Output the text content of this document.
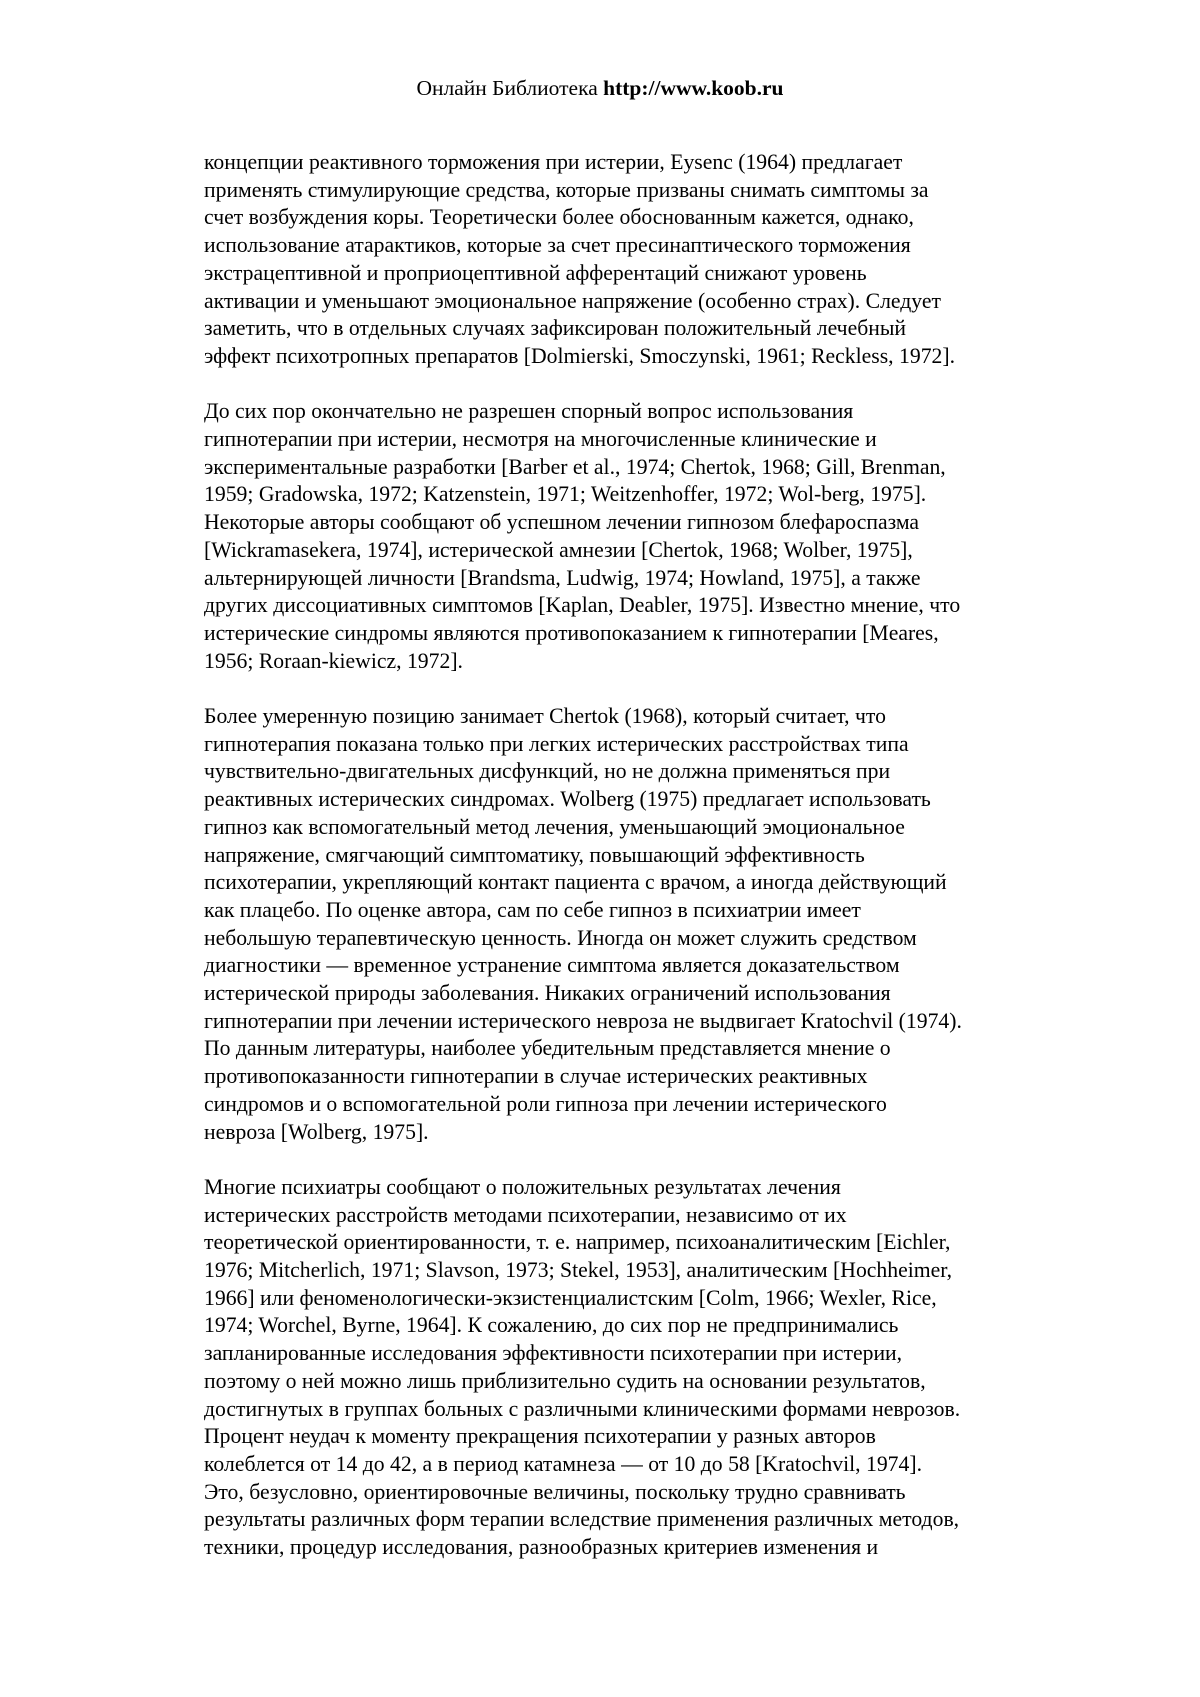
Онлайн Библиотека http://www.koob.ru
концепции реактивного торможения при истерии, Eysenc (1964) предлагает
применять стимулирующие средства, которые призваны снимать симптомы за
счет возбуждения коры. Теоретически более обоснованным кажется, однако,
использование атарактиков, которые за счет пресинаптического торможения
экстрацептивной и проприоцептивной афферентаций снижают уровень
активации и уменьшают эмоциональное напряжение (особенно страх). Следует
заметить, что в отдельных случаях зафиксирован положительный лечебный
эффект психотропных препаратов [Dolmierski, Smoczynski, 1961; Reckless, 1972].
До сих пор окончательно не разрешен спорный вопрос использования
гипнотерапии при истерии, несмотря на многочисленные клинические и
экспериментальные разработки [Barber et al., 1974; Chertok, 1968; Gill, Brenman,
1959; Gradowska, 1972; Katzenstein, 1971; Weitzenhoffer, 1972; Wol-berg, 1975].
Некоторые авторы сообщают об успешном лечении гипнозом блефароспазма
[Wickramasekera, 1974], истерической амнезии [Chertok, 1968; Wolber, 1975],
альтернирующей личности [Brandsma, Ludwig, 1974; Howland, 1975], а также
других диссоциативных симптомов [Kaplan, Deabler, 1975]. Известно мнение, что
истерические синдромы являются противопоказанием к гипнотерапии [Meares,
1956; Roraan-kiewicz, 1972].
Более умеренную позицию занимает Chertok (1968), который считает, что
гипнотерапия показана только при легких истерических расстройствах типа
чувствительно-двигательных дисфункций, но не должна применяться при
реактивных истерических синдромах. Wolberg (1975) предлагает использовать
гипноз как вспомогательный метод лечения, уменьшающий эмоциональное
напряжение, смягчающий симптоматику, повышающий эффективность
психотерапии, укрепляющий контакт пациента с врачом, а иногда действующий
как плацебо. По оценке автора, сам по себе гипноз в психиатрии имеет
небольшую терапевтическую ценность. Иногда он может служить средством
диагностики — временное устранение симптома является доказательством
истерической природы заболевания. Никаких ограничений использования
гипнотерапии при лечении истерического невроза не выдвигает Kratochvil (1974).
По данным литературы, наиболее убедительным представляется мнение о
противопоказанности гипнотерапии в случае истерических реактивных
синдромов и о вспомогательной роли гипноза при лечении истерического
невроза [Wolberg, 1975].
Многие психиатры сообщают о положительных результатах лечения
истерических расстройств методами психотерапии, независимо от их
теоретической ориентированности, т. е. например, психоаналитическим [Eichler,
1976; Mitcherlich, 1971; Slavson, 1973; Stekel, 1953], аналитическим [Hochheimer,
1966] или феноменологически-экзистенциалистским [Colm, 1966; Wexler, Rice,
1974; Worchel, Byrne, 1964]. К сожалению, до сих пор не предпринимались
запланированные исследования эффективности психотерапии при истерии,
поэтому о ней можно лишь приблизительно судить на основании результатов,
достигнутых в группах больных с различными клиническими формами неврозов.
Процент неудач к моменту прекращения психотерапии у разных авторов
колеблется от 14 до 42, а в период катамнеза — от 10 до 58 [Kratochvil, 1974].
Это, безусловно, ориентировочные величины, поскольку трудно сравнивать
результаты различных форм терапии вследствие применения различных методов,
техники, процедур исследования, разнообразных критериев изменения и
